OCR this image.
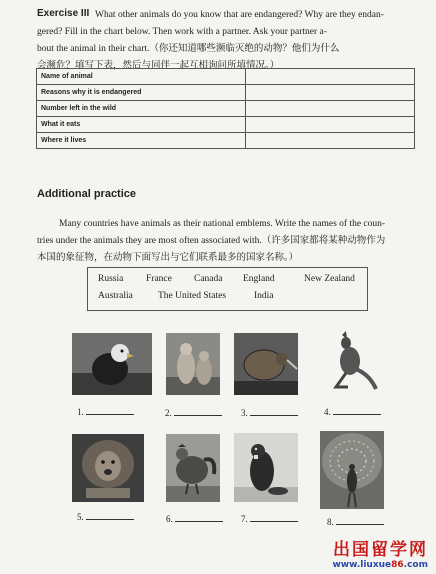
Exercise III What other animals do you know that are endangered? Why are they endan-
gered? Fill in the chart below. Then work with a partner. Ask your partner a-
bout the animal in their chart.（你还知道哪些濒临灭绝的动物？他们为什么
会濒危？填写下表，然后与同伴一起互相询问所填情况。）
Name of animal	
Reasons why it is endangered	
Number left in the wild	
What it eats	
Where it lives	
Additional practice
Many countries have animals as their national emblems. Write the names of the coun-
tries under the animals they are most often associated with.（许多国家都将某种动物作为
本国的象征物，在动物下面写出与它们联系最多的国家名称。）
Russia France Canada England	New Zealand
Australia	The United States	India
1.	2.	3.	4.
5.	6.	7.	8.
出国留学网
www.liuxue86.com
